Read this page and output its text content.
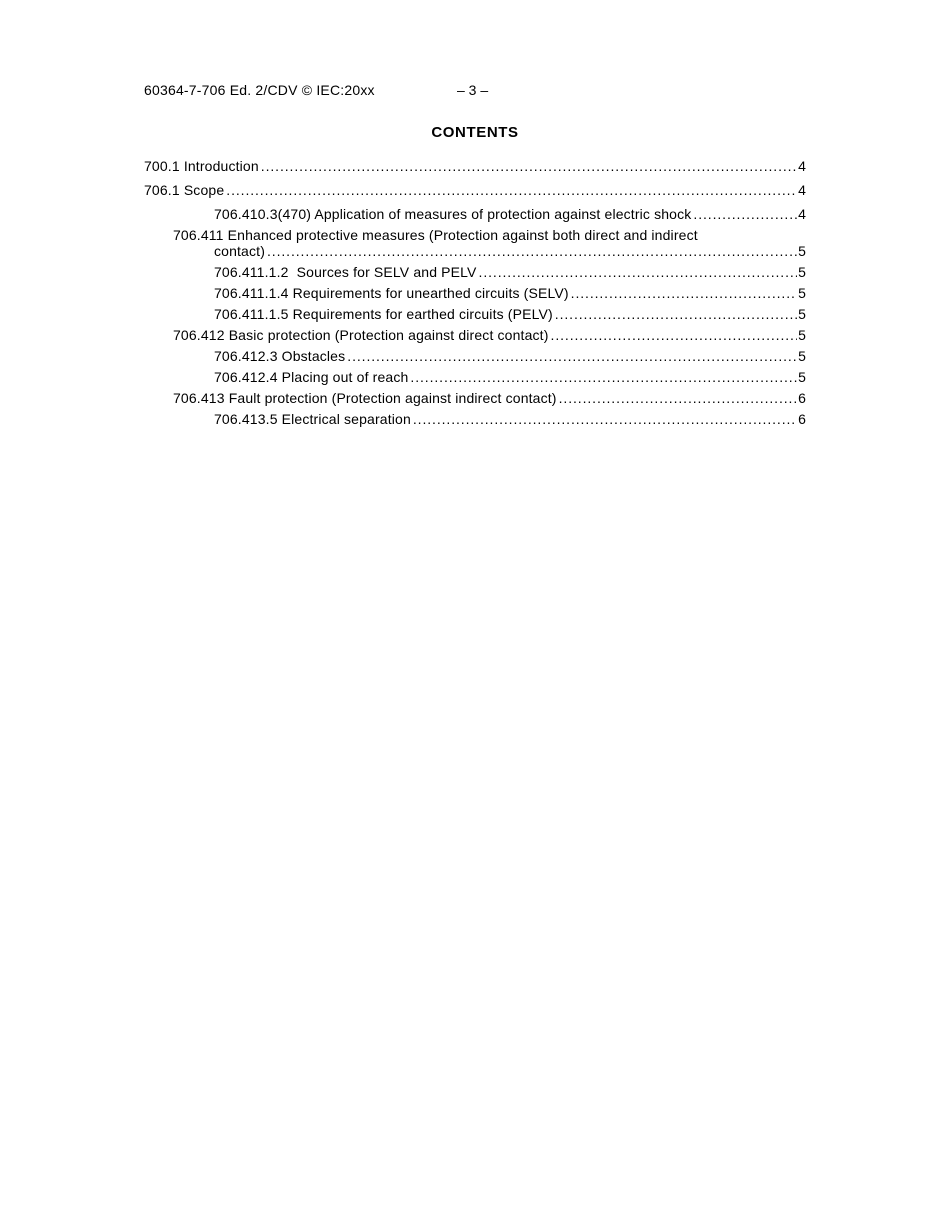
60364-7-706 Ed. 2/CDV © IEC:20xx	– 3 –
CONTENTS
700.1 Introduction .....	4
706.1 Scope .....	4
706.410.3(470) Application of measures of protection against electric shock .....	4
706.411 Enhanced protective measures (Protection against both direct and indirect
contact) .....	5
706.411.1.2  Sources for SELV and PELV .....	5
706.411.1.4 Requirements for unearthed circuits (SELV) .....	5
706.411.1.5 Requirements for earthed circuits (PELV) .....	5
706.412 Basic protection (Protection against direct contact) .....	5
706.412.3 Obstacles .....	5
706.412.4 Placing out of reach .....	5
706.413 Fault protection (Protection against indirect contact) .....	6
706.413.5 Electrical separation .....	6
